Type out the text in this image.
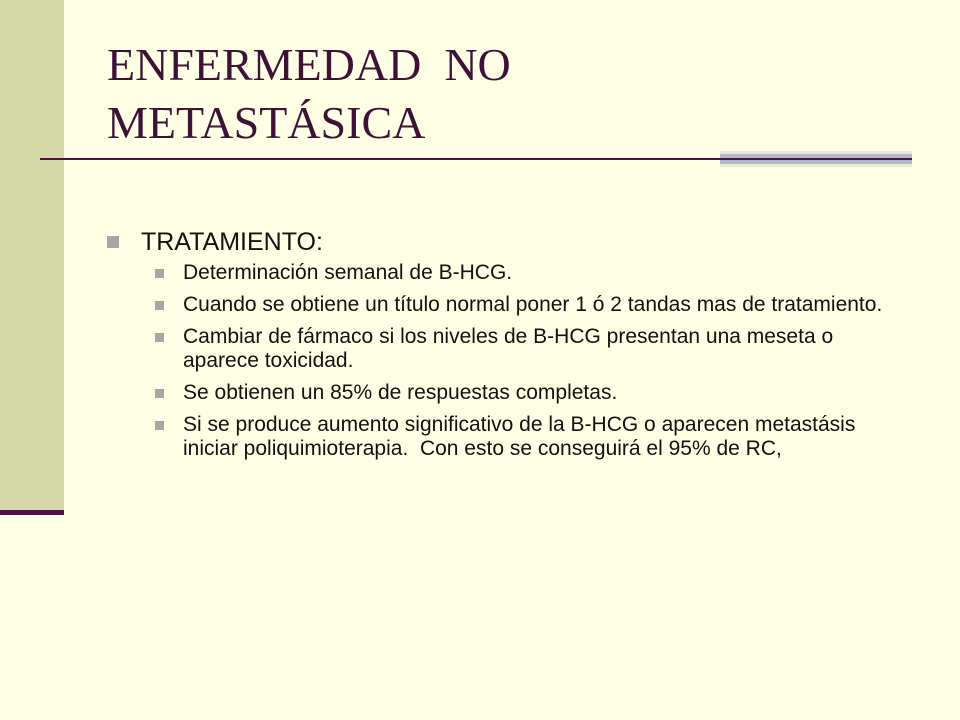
ENFERMEDAD  NO
METASTÁSICA
TRATAMIENTO:
Determinación semanal de B-HCG.
Cuando se obtiene un título normal poner 1 ó 2 tandas mas de tratamiento.
Cambiar de fármaco si los niveles de B-HCG presentan una meseta o aparece toxicidad.
Se obtienen un 85% de respuestas completas.
Si se produce aumento significativo de la B-HCG o aparecen metastásis iniciar poliquimioterapia.  Con esto se conseguirá el 95% de RC,
